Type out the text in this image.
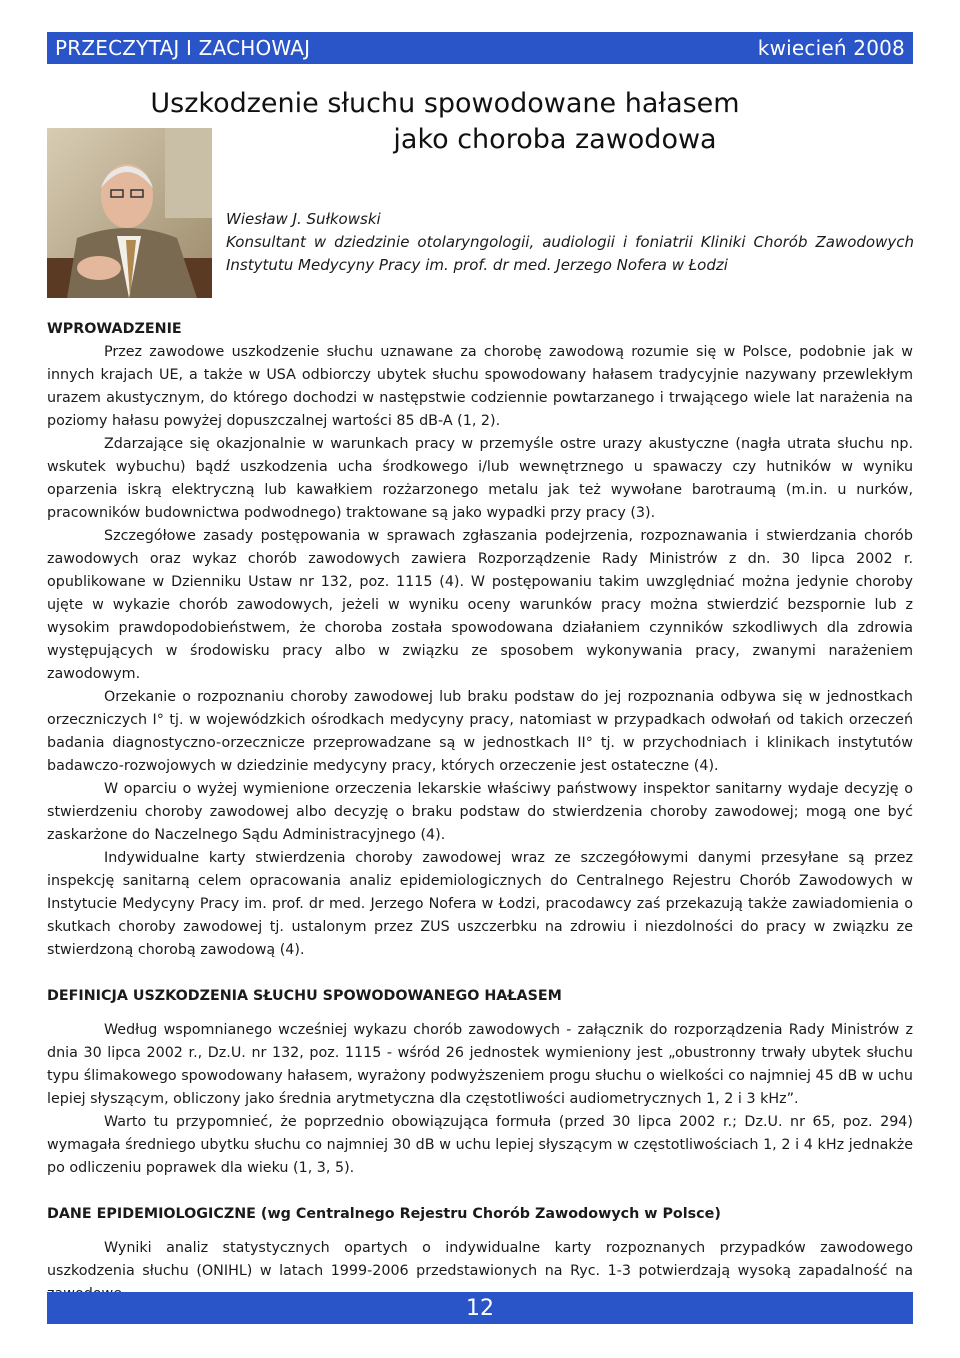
PRZECZYTAJ I ZACHOWAJ	kwiecień 2008
Uszkodzenie słuchu spowodowane hałasem
jako choroba zawodowa
Wiesław J. Sułkowski
Konsultant w dziedzinie otolaryngologii, audiologii i foniatrii Kliniki Chorób Zawodowych Instytutu Medycyny Pracy im. prof. dr med. Jerzego Nofera w Łodzi
WPROWADZENIE

Przez zawodowe uszkodzenie słuchu uznawane za chorobę zawodową rozumie się w Polsce, podobnie jak w innych krajach UE, a także w USA odbiorczy ubytek słuchu spowodowany hałasem tradycyjnie nazywany przewlekłym urazem akustycznym, do którego dochodzi w następstwie codziennie powtarzanego i trwającego wiele lat narażenia na poziomy hałasu powyżej dopuszczalnej wartości 85 dB-A (1, 2).

Zdarzające się okazjonalnie w warunkach pracy w przemyśle ostre urazy akustyczne (nagła utrata słuchu np. wskutek wybuchu) bądź uszkodzenia ucha środkowego i/lub wewnętrznego u spawaczy czy hutników w wyniku oparzenia iskrą elektryczną lub kawałkiem rozżarzonego metalu jak też wywołane barotraumą (m.in. u nurków, pracowników budownictwa podwodnego) traktowane są jako wypadki przy pracy (3).

Szczegółowe zasady postępowania w sprawach zgłaszania podejrzenia, rozpoznawania i stwierdzania chorób zawodowych oraz wykaz chorób zawodowych zawiera Rozporządzenie Rady Ministrów z dn. 30 lipca 2002 r. opublikowane w Dzienniku Ustaw nr 132, poz. 1115 (4). W postępowaniu takim uwzględniać można jedynie choroby ujęte w wykazie chorób zawodowych, jeżeli w wyniku oceny warunków pracy można stwierdzić bezspornie lub z wysokim prawdopodobieństwem, że choroba została spowodowana działaniem czynników szkodliwych dla zdrowia występujących w środowisku pracy albo w związku ze sposobem wykonywania pracy, zwanymi narażeniem zawodowym.

Orzekanie o rozpoznaniu choroby zawodowej lub braku podstaw do jej rozpoznania odbywa się w jednostkach orzeczniczych I° tj. w wojewódzkich ośrodkach medycyny pracy, natomiast w przypadkach odwołań od takich orzeczeń badania diagnostyczno-orzecznicze przeprowadzane są w jednostkach II° tj. w przychodniach i klinikach instytutów badawczo-rozwojowych w dziedzinie medycyny pracy, których orzeczenie jest ostateczne (4).

W oparciu o wyżej wymienione orzeczenia lekarskie właściwy państwowy inspektor sanitarny wydaje decyzję o stwierdzeniu choroby zawodowej albo decyzję o braku podstaw do stwierdzenia choroby zawodowej; mogą one być zaskarżone do Naczelnego Sądu Administracyjnego (4).

Indywidualne karty stwierdzenia choroby zawodowej wraz ze szczegółowymi danymi przesyłane są przez inspekcję sanitarną celem opracowania analiz epidemiologicznych do Centralnego Rejestru Chorób Zawodowych w Instytucie Medycyny Pracy im. prof. dr med. Jerzego Nofera w Łodzi, pracodawcy zaś przekazują także zawiadomienia o skutkach choroby zawodowej tj. ustalonym przez ZUS uszczerbku na zdrowiu i niezdolności do pracy w związku ze stwierdzoną chorobą zawodową (4).

DEFINICJA USZKODZENIA SŁUCHU SPOWODOWANEGO HAŁASEM

Według wspomnianego wcześniej wykazu chorób zawodowych - załącznik do rozporządzenia Rady Ministrów z dnia 30 lipca 2002 r., Dz.U. nr 132, poz. 1115 - wśród 26 jednostek wymieniony jest „obustronny trwały ubytek słuchu typu ślimakowego spowodowany hałasem, wyrażony podwyższeniem progu słuchu o wielkości co najmniej 45 dB w uchu lepiej słyszącym, obliczony jako średnia arytmetyczna dla częstotliwości audiometrycznych 1, 2 i 3 kHz”.

Warto tu przypomnieć, że poprzednio obowiązująca formuła (przed 30 lipca 2002 r.; Dz.U. nr 65, poz. 294) wymagała średniego ubytku słuchu co najmniej 30 dB w uchu lepiej słyszącym w częstotliwościach 1, 2 i 4 kHz jednakże po odliczeniu poprawek dla wieku (1, 3, 5).

DANE EPIDEMIOLOGICZNE (wg Centralnego Rejestru Chorób Zawodowych w Polsce)

Wyniki analiz statystycznych opartych o indywidualne karty rozpoznanych przypadków zawodowego uszkodzenia słuchu (ONIHL) w latach 1999-2006 przedstawionych na Ryc. 1-3 potwierdzają wysoką zapadalność na

12
